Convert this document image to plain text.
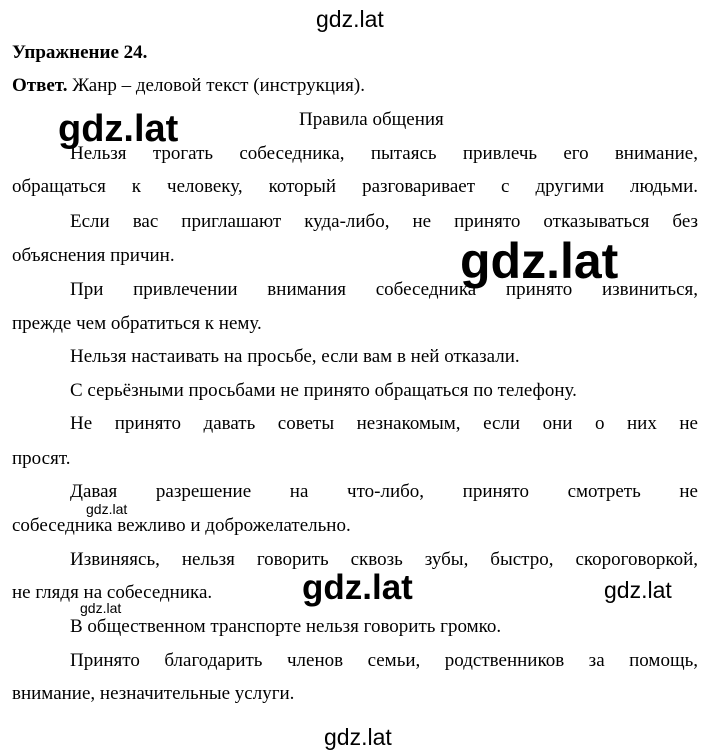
gdz.lat
gdz.lat
gdz.lat
gdz.lat
gdz.lat	gdz.lat
gdz.lat
gdz.lat
Упражнение 24.
Ответ. Жанр – деловой текст (инструкция).
Правила общения
Нельзя трогать собеседника, пытаясь привлечь его внимание,
обращаться к человеку, который разговаривает с другими людьми.
Если вас приглашают куда-либо, не принято отказываться без
объяснения причин.
При привлечении внимания собеседника принято извиниться,
прежде чем обратиться к нему.
Нельзя настаивать на просьбе, если вам в ней отказали.
С серьёзными просьбами не принято обращаться по телефону.
Не принято давать советы незнакомым, если они о них не
просят.
Давая разрешение на что-либо, принято смотреть не
собеседника вежливо и доброжелательно.
Извиняясь, нельзя говорить сквозь зубы, быстро, скороговоркой,
не глядя на собеседника.
В общественном транспорте нельзя говорить громко.
Принято благодарить членов семьи, родственников за помощь,
внимание, незначительные услуги.
